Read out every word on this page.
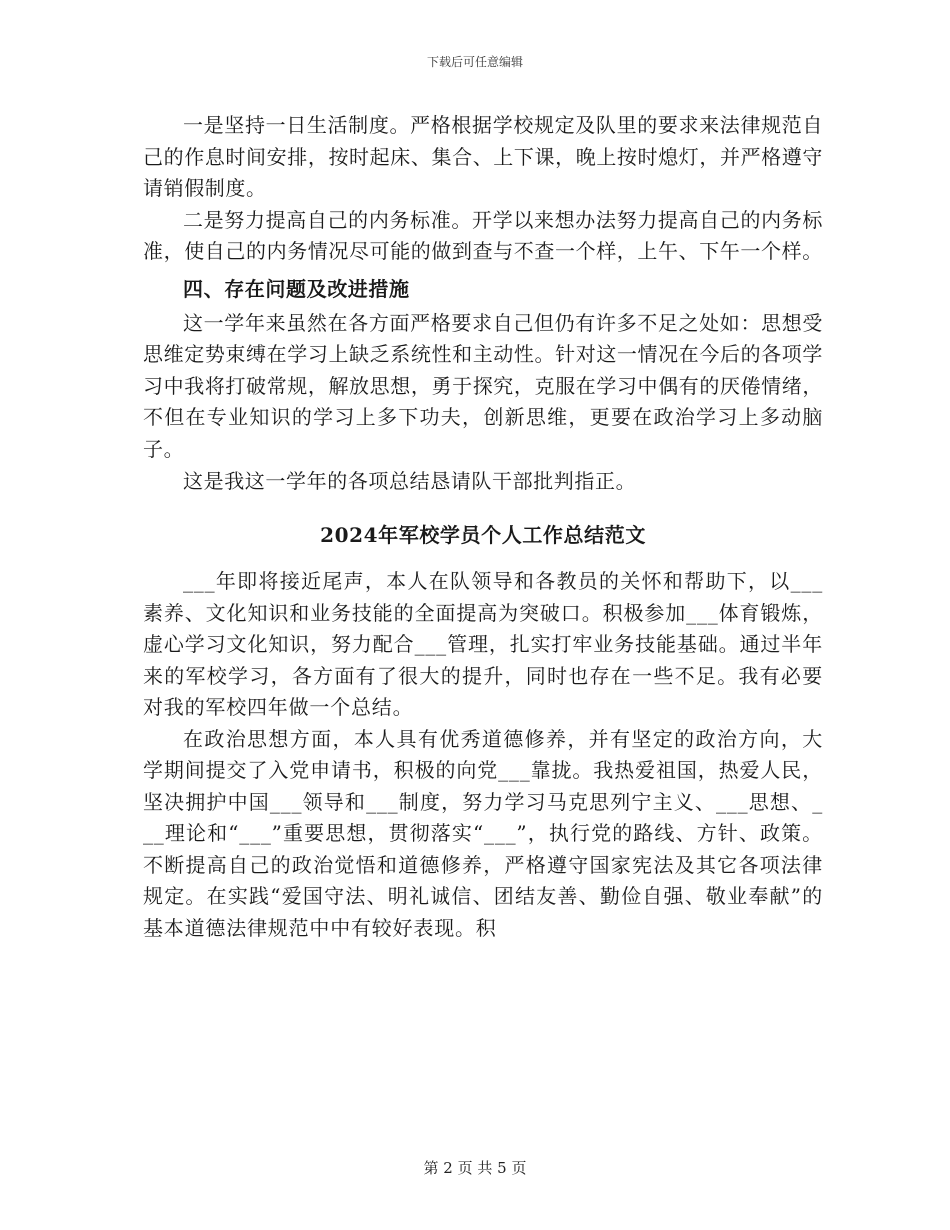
下载后可任意编辑

一是坚持一日生活制度。严格根据学校规定及队里的要求来法律规范自己的作息时间安排，按时起床、集合、上下课，晚上按时熄灯，并严格遵守请销假制度。

二是努力提高自己的内务标准。开学以来想办法努力提高自己的内务标准，使自己的内务情况尽可能的做到查与不查一个样，上午、下午一个样。

四、存在问题及改进措施

这一学年来虽然在各方面严格要求自己但仍有许多不足之处如：思想受思维定势束缚在学习上缺乏系统性和主动性。针对这一情况在今后的各项学习中我将打破常规，解放思想，勇于探究，克服在学习中偶有的厌倦情绪，不但在专业知识的学习上多下功夫，创新思维，更要在政治学习上多动脑子。

这是我这一学年的各项总结恳请队干部批判指正。

2024年军校学员个人工作总结范文

___年即将接近尾声，本人在队领导和各教员的关怀和帮助下，以___素养、文化知识和业务技能的全面提高为突破口。积极参加___体育锻炼，虚心学习文化知识，努力配合___管理，扎实打牢业务技能基础。通过半年来的军校学习，各方面有了很大的提升，同时也存在一些不足。我有必要对我的军校四年做一个总结。

在政治思想方面，本人具有优秀道德修养，并有坚定的政治方向，大学期间提交了入党申请书，积极的向党___靠拢。我热爱祖国，热爱人民，坚决拥护中国___领导和___制度，努力学习马克思列宁主义、___思想、___理论和“___”重要思想，贯彻落实“___”，执行党的路线、方针、政策。不断提高自己的政治觉悟和道德修养，严格遵守国家宪法及其它各项法律规定。在实践“爱国守法、明礼诚信、团结友善、勤俭自强、敬业奉献”的基本道德法律规范中中有较好表现。积

第 2 页 共 5 页
